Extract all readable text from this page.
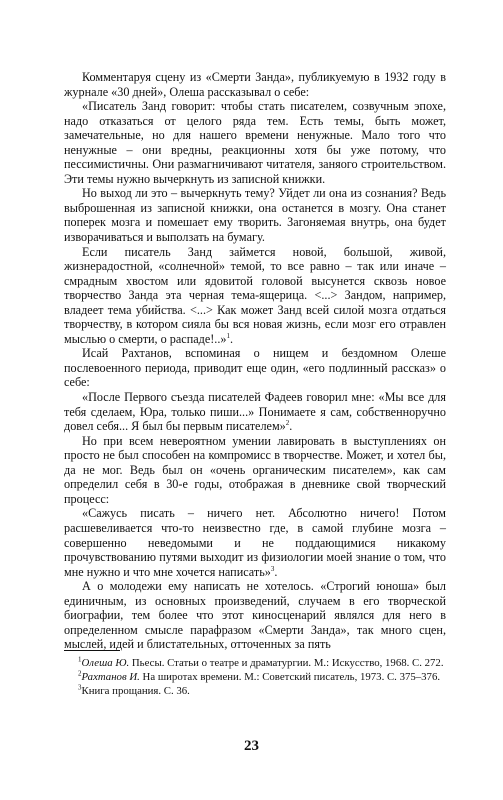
Комментаруя сцену из «Смерти Занда», публикуемую в 1932 году в журнале «30 дней», Олеша рассказывал о себе:

«Писатель Занд говорит: чтобы стать писателем, созвучным эпохе, надо отказаться от целого ряда тем. Есть темы, быть может, замечательные, но для нашего времени ненужные. Мало того что ненужные – они вредны, реакционны хотя бы уже потому, что пессимистичны. Они размагничивают читателя, заняого строительством. Эти темы нужно вычеркнуть из записной книжки.

Но выход ли это – вычеркнуть тему? Уйдет ли она из сознания? Ведь выброшенная из записной книжки, она останется в мозгу. Она станет поперек мозга и помешает ему творить. Загоняемая внутрь, она будет изворачиваться и выползать на бумагу.

Если писатель Занд займется новой, большой, живой, жизнерадостной, «солнечной» темой, то все равно – так или иначе – смрадным хвостом или ядовитой головой высунется сквозь новое творчество Занда эта черная тема-ящерица. <...> Зандом, например, владеет тема убийства. <...> Как может Занд всей силой мозга отдаться творчеству, в котором сияла бы вся новая жизнь, если мозг его отравлен мыслью о смерти, о распаде!..»$^1$.

Исай Рахтанов, вспоминая о нищем и бездомном Олеше послевоенного периода, приводит еще один, «его подлинный рассказ» о себе:

«После Первого съезда писателей Фадеев говорил мне: «Мы все для тебя сделаем, Юра, только пиши...» Понимаете я сам, собственноручно довел себя... Я был бы первым писателем»$^2$.

Но при всем невероятном умении лавировать в выступлениях он просто не был способен на компромисс в творчестве. Может, и хотел бы, да не мог. Ведь был он «очень органическим писателем», как сам определил себя в 30-е годы, отображая в дневнике свой творческий процесс:

«Сажусь писать – ничего нет. Абсолютно ничего! Потом расшевеливается что-то неизвестно где, в самой глубине мозга – совершенно неведомыми и не поддающимися никакому прочувствованию путями выходит из физиологии моей знание о том, что мне нужно и что мне хочется написать»$^3$.

А о молодежи ему написать не хотелось. «Строгий юноша» был единичным, из основных произведений, случаем в его творческой биографии, тем более что этот киносценарий являлся для него в определенном смысле парафразом «Смерти Занда», так много сцен, мыслей, идей и блистательных, отточенных за пять

$^1$Олеша Ю. Пьесы. Статьи о театре и драматургии. М.: Искусство, 1968. С. 272.

$^2$Рахтанов И. На широтах времени. М.: Советский писатель, 1973. С. 375–376.

$^3$Книга прощания. С. 36.

23
